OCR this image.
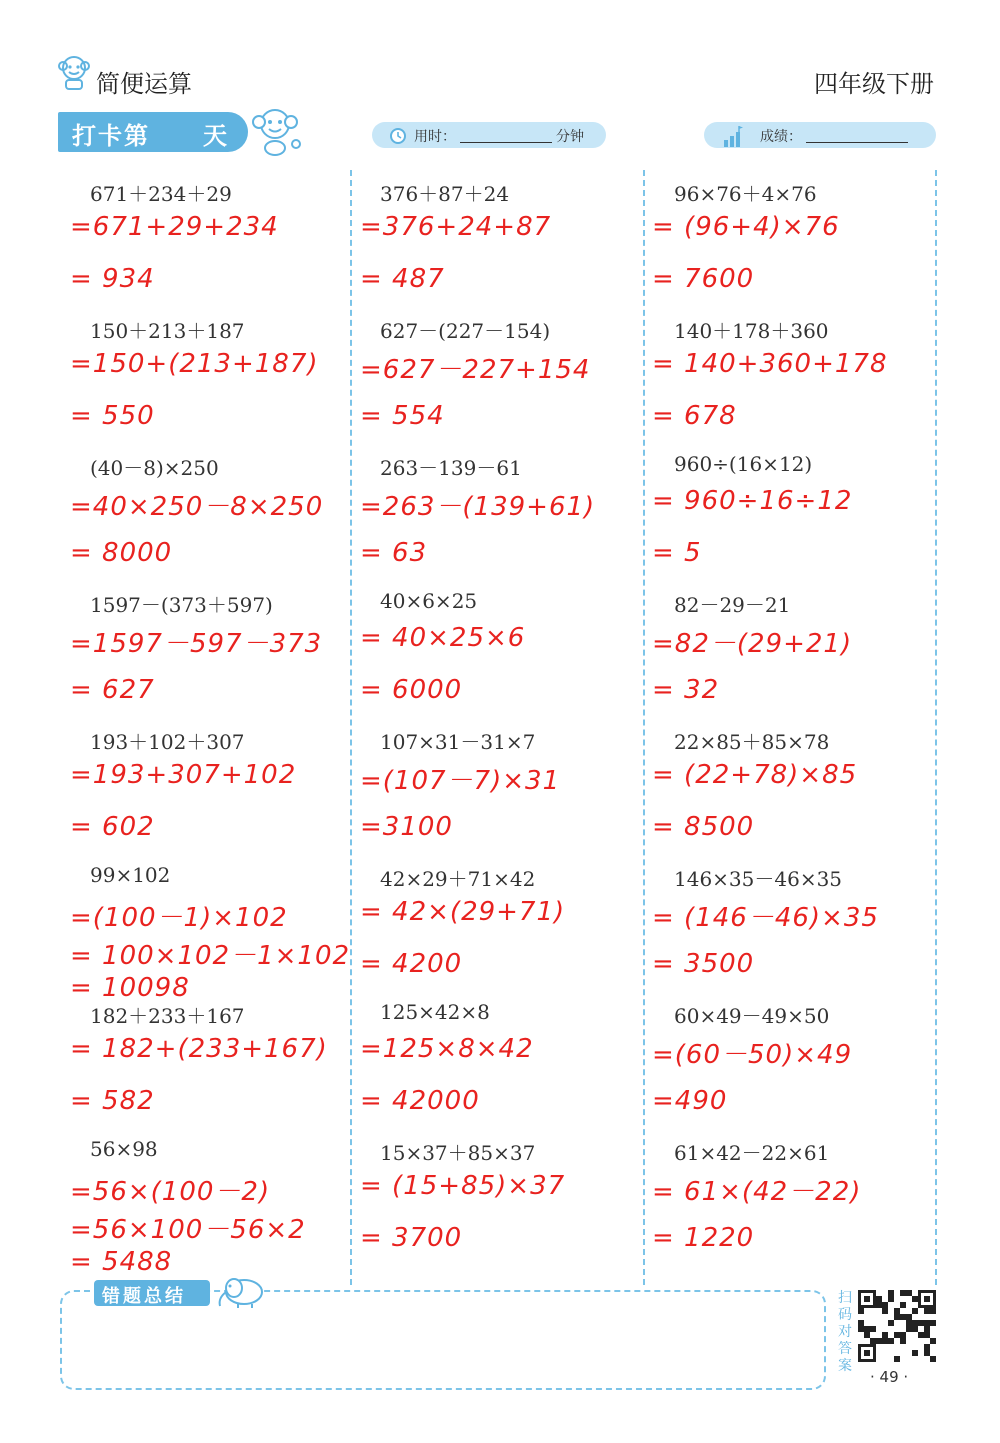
简便运算	四年级下册
打卡第 天	用时：	分钟	成绩：
671＋234＋29
=671+29+234
= 934
150＋213＋187
=150+(213+187)
= 550
(40－8)×250
=40×250－8×250
= 8000
1597－(373＋597)
=1597－597－373
= 627
193＋102＋307
=193+307+102
= 602
99×102
=(100－1)×102
= 100×102－1×102
= 10098
182＋233＋167
= 182+(233+167)
= 582
56×98
=56×(100－2)
=56×100－56×2
= 5488
376＋87＋24
=376+24+87
= 487
627－(227－154)
=627－227+154
= 554
263－139－61
=263－(139+61)
= 63
40×6×25
= 40×25×6
= 6000
107×31－31×7
=(107－7)×31
=3100
42×29＋71×42
= 42×(29+71)
= 4200
125×42×8
=125×8×42
= 42000
15×37＋85×37
= (15+85)×37
= 3700
96×76＋4×76
= (96+4)×76
= 7600
140＋178＋360
= 140+360+178
= 678
960÷(16×12)
= 960÷16÷12
= 5
82－29－21
=82－(29+21)
= 32
22×85＋85×78
= (22+78)×85
= 8500
146×35－46×35
= (146－46)×35
= 3500
60×49－49×50
=(60－50)×49
=490
61×42－22×61
= 61×(42－22)
= 1220
错题总结	扫码对答案
· 49 ·
